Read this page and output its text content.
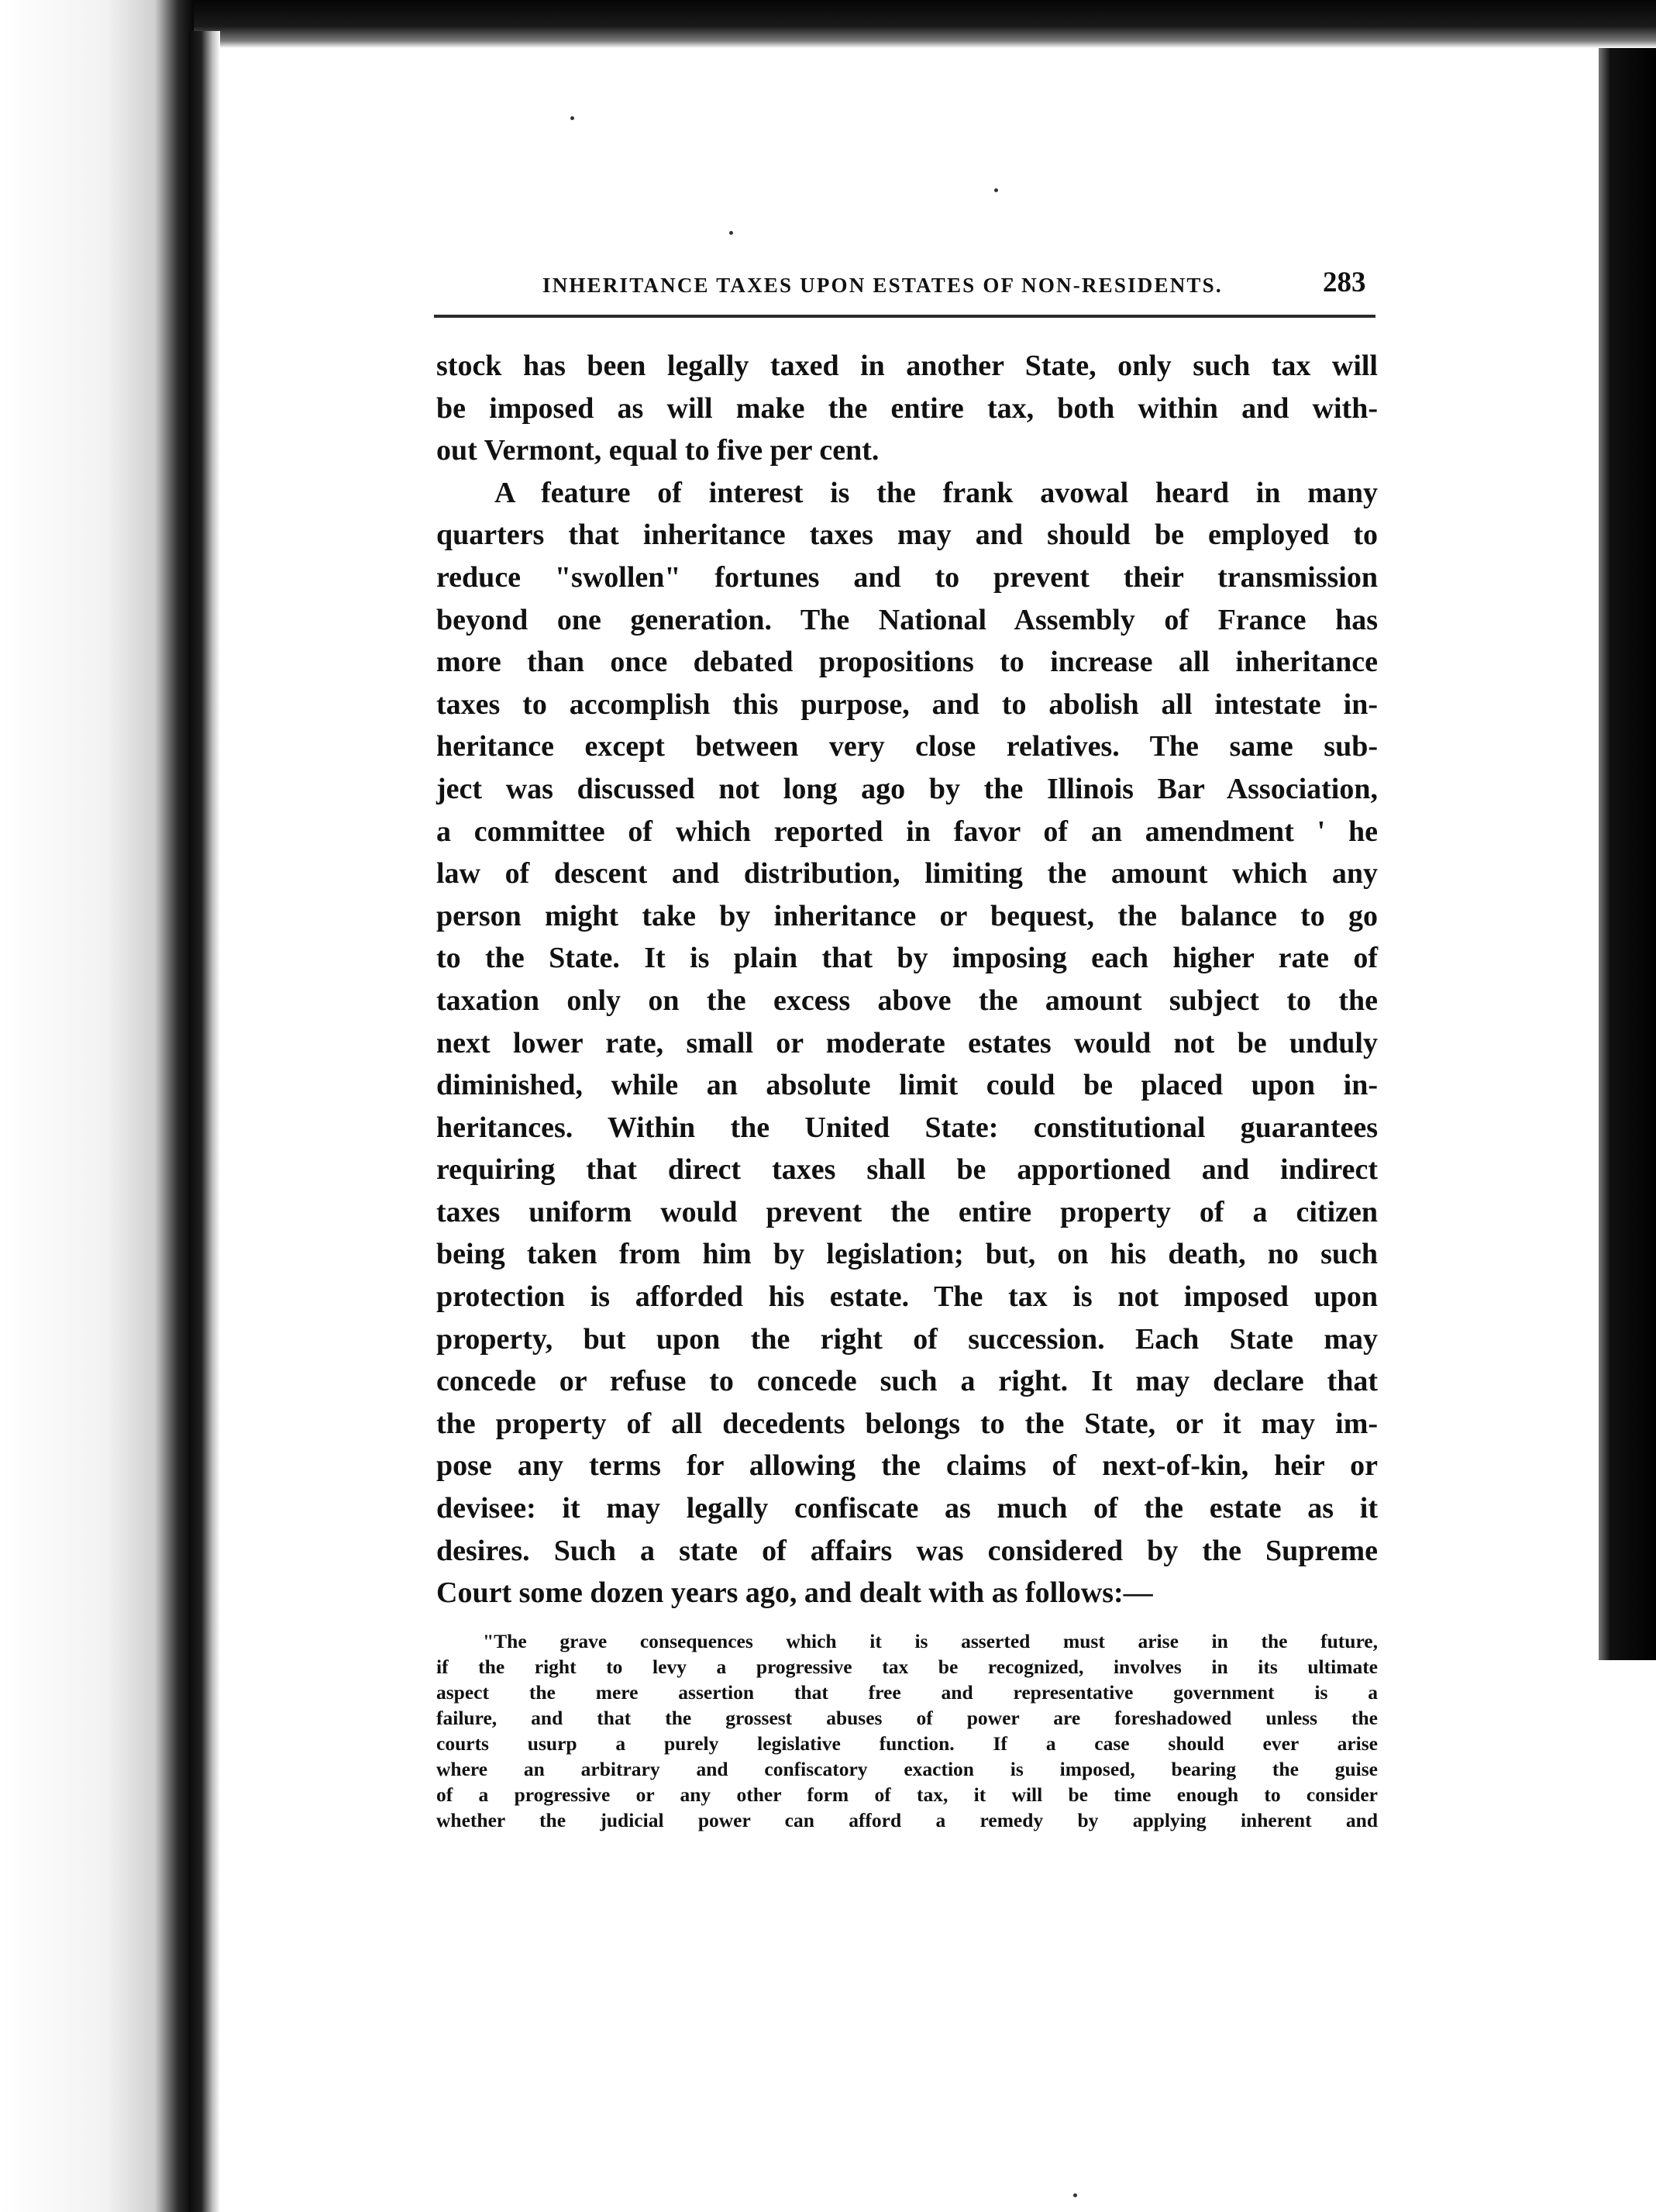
INHERITANCE TAXES UPON ESTATES OF NON-RESIDENTS.	283
stock has been legally taxed in another State, only such tax will
be imposed as will make the entire tax, both within and with-
out Vermont, equal to five per cent.
A feature of interest is the frank avowal heard in many
quarters that inheritance taxes may and should be employed to
reduce "swollen" fortunes and to prevent their transmission
beyond one generation. The National Assembly of France has
more than once debated propositions to increase all inheritance
taxes to accomplish this purpose, and to abolish all intestate in-
heritance except between very close relatives. The same sub-
ject was discussed not long ago by the Illinois Bar Association,
a committee of which reported in favor of an amendment ' he
law of descent and distribution, limiting the amount which any
person might take by inheritance or bequest, the balance to go
to the State. It is plain that by imposing each higher rate of
taxation only on the excess above the amount subject to the
next lower rate, small or moderate estates would not be unduly
diminished, while an absolute limit could be placed upon in-
heritances. Within the United State: constitutional guarantees
requiring that direct taxes shall be apportioned and indirect
taxes uniform would prevent the entire property of a citizen
being taken from him by legislation; but, on his death, no such
protection is afforded his estate. The tax is not imposed upon
property, but upon the right of succession. Each State may
concede or refuse to concede such a right. It may declare that
the property of all decedents belongs to the State, or it may im-
pose any terms for allowing the claims of next-of-kin, heir or
devisee: it may legally confiscate as much of the estate as it
desires. Such a state of affairs was considered by the Supreme
Court some dozen years ago, and dealt with as follows:—
"The grave consequences which it is asserted must arise in the future,
if the right to levy a progressive tax be recognized, involves in its ultimate
aspect the mere assertion that free and representative government is a
failure, and that the grossest abuses of power are foreshadowed unless the
courts usurp a purely legislative function. If a case should ever arise
where an arbitrary and confiscatory exaction is imposed, bearing the guise
of a progressive or any other form of tax, it will be time enough to consider
whether the judicial power can afford a remedy by applying inherent and
